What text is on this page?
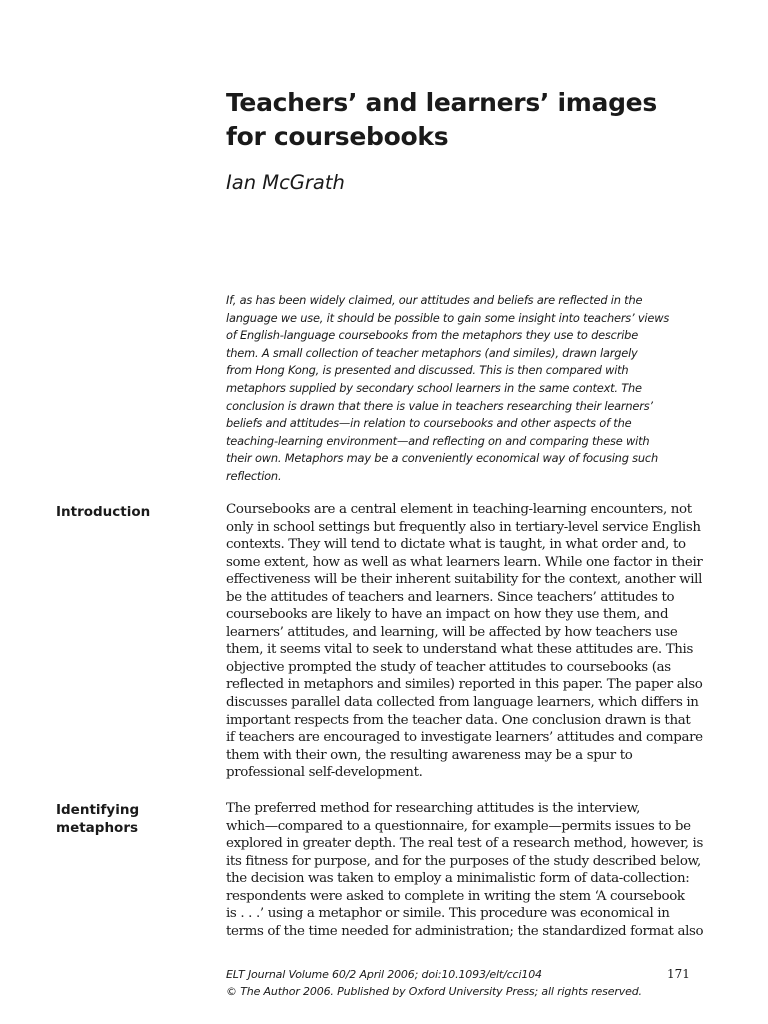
Teachers’ and learners’ images
for coursebooks

Ian McGrath

If, as has been widely claimed, our attitudes and beliefs are reflected in the
language we use, it should be possible to gain some insight into teachers’ views
of English-language coursebooks from the metaphors they use to describe
them. A small collection of teacher metaphors (and similes), drawn largely
from Hong Kong, is presented and discussed. This is then compared with
metaphors supplied by secondary school learners in the same context. The
conclusion is drawn that there is value in teachers researching their learners’
beliefs and attitudes—in relation to coursebooks and other aspects of the
teaching-learning environment—and reflecting on and comparing these with
their own. Metaphors may be a conveniently economical way of focusing such
reflection.
Introduction	Coursebooks are a central element in teaching-learning encounters, not
only in school settings but frequently also in tertiary-level service English
contexts. They will tend to dictate what is taught, in what order and, to
some extent, how as well as what learners learn. While one factor in their
effectiveness will be their inherent suitability for the context, another will
be the attitudes of teachers and learners. Since teachers’ attitudes to
coursebooks are likely to have an impact on how they use them, and
learners’ attitudes, and learning, will be affected by how teachers use
them, it seems vital to seek to understand what these attitudes are. This
objective prompted the study of teacher attitudes to coursebooks (as
reflected in metaphors and similes) reported in this paper. The paper also
discusses parallel data collected from language learners, which differs in
important respects from the teacher data. One conclusion drawn is that
if teachers are encouraged to investigate learners’ attitudes and compare
them with their own, the resulting awareness may be a spur to
professional self-development.
Identifying
metaphors
The preferred method for researching attitudes is the interview,
which—compared to a questionnaire, for example—permits issues to be
explored in greater depth. The real test of a research method, however, is
its fitness for purpose, and for the purposes of the study described below,
the decision was taken to employ a minimalistic form of data-collection:
respondents were asked to complete in writing the stem ‘A coursebook
is . . .’ using a metaphor or simile. This procedure was economical in
terms of the time needed for administration; the standardized format also
ELT Journal Volume 60/2 April 2006; doi:10.1093/elt/cci104
© The Author 2006. Published by Oxford University Press; all rights reserved.
171
